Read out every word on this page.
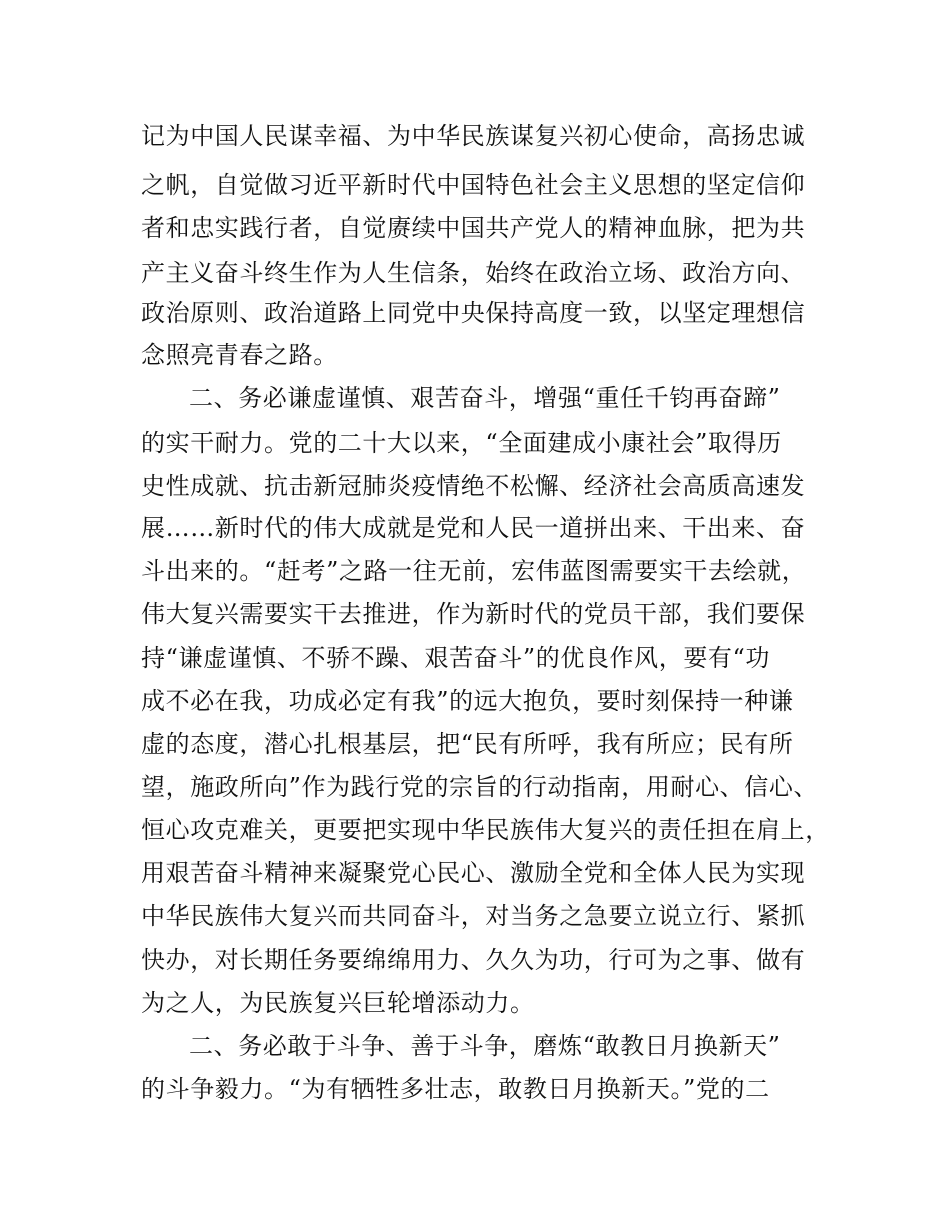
记为中国人民谋幸福、为中华民族谋复兴初心使命，高扬忠诚
之帆，自觉做习近平新时代中国特色社会主义思想的坚定信仰
者和忠实践行者，自觉赓续中国共产党人的精神血脉，把为共
产主义奋斗终生作为人生信条，始终在政治立场、政治方向、
政治原则、政治道路上同党中央保持高度一致，以坚定理想信
念照亮青春之路。
二、务必谦虚谨慎、艰苦奋斗，增强“重任千钧再奋蹄”
的实干耐力。党的二十大以来，“全面建成小康社会”取得历
史性成就、抗击新冠肺炎疫情绝不松懈、经济社会高质高速发
展……新时代的伟大成就是党和人民一道拼出来、干出来、奋
斗出来的。“赶考”之路一往无前，宏伟蓝图需要实干去绘就，
伟大复兴需要实干去推进，作为新时代的党员干部，我们要保
持“谦虚谨慎、不骄不躁、艰苦奋斗”的优良作风，要有“功
成不必在我，功成必定有我”的远大抱负，要时刻保持一种谦
虚的态度，潜心扎根基层，把“民有所呼，我有所应；民有所
望，施政所向”作为践行党的宗旨的行动指南，用耐心、信心、
恒心攻克难关，更要把实现中华民族伟大复兴的责任担在肩上，
用艰苦奋斗精神来凝聚党心民心、激励全党和全体人民为实现
中华民族伟大复兴而共同奋斗，对当务之急要立说立行、紧抓
快办，对长期任务要绵绵用力、久久为功，行可为之事、做有
为之人，为民族复兴巨轮增添动力。
二、务必敢于斗争、善于斗争，磨炼“敢教日月换新天”
的斗争毅力。“为有牺牲多壮志，敢教日月换新天。”党的二
